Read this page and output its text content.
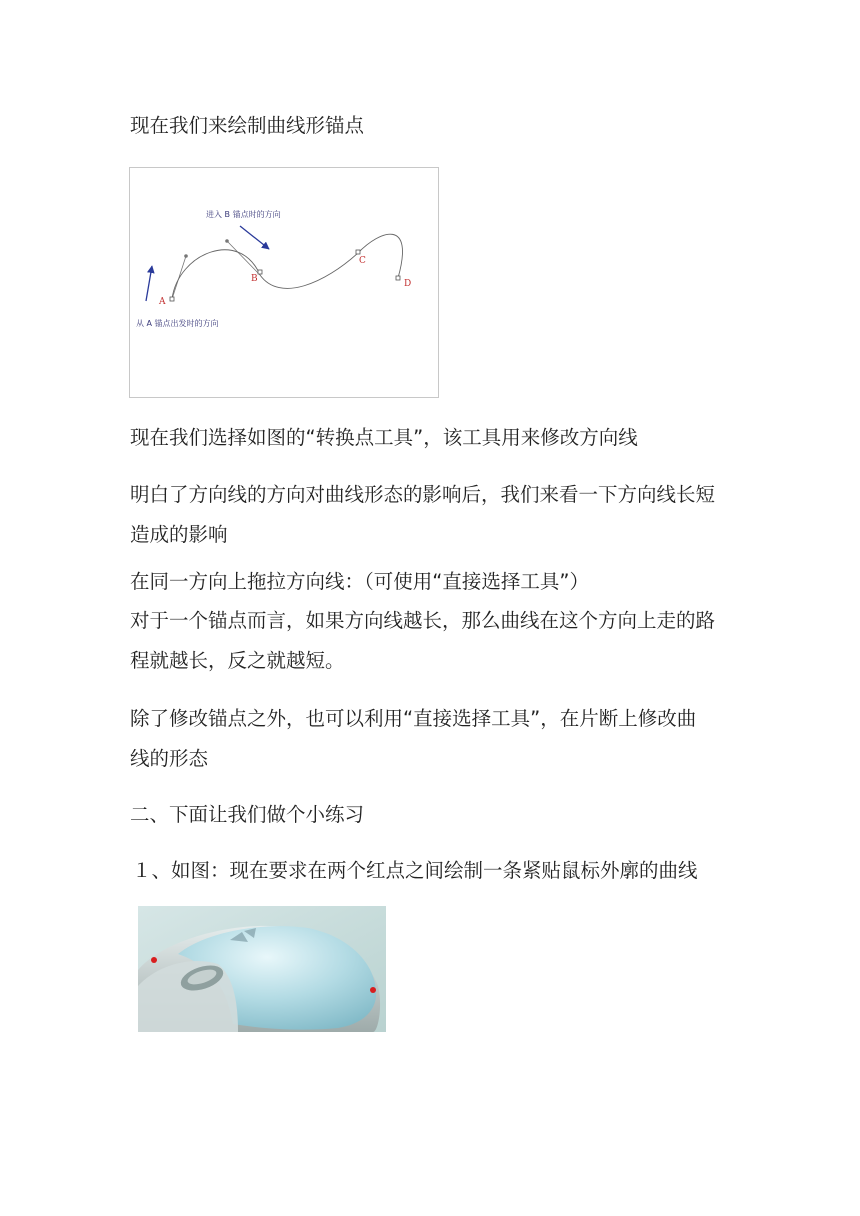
现在我们来绘制曲线形锚点

进入 B 锚点时的方向
从 A 锚点出发时的方向
A
B
C
D

现在我们选择如图的“转换点工具”，该工具用来修改方向线

明白了方向线的方向对曲线形态的影响后，我们来看一下方向线长短

造成的影响

在同一方向上拖拉方向线：（可使用“直接选择工具”）

对于一个锚点而言，如果方向线越长，那么曲线在这个方向上走的路

程就越长，反之就越短。

除了修改锚点之外，也可以利用“直接选择工具”，在片断上修改曲

线的形态

二、下面让我们做个小练习

１、如图：现在要求在两个红点之间绘制一条紧贴鼠标外廓的曲线
